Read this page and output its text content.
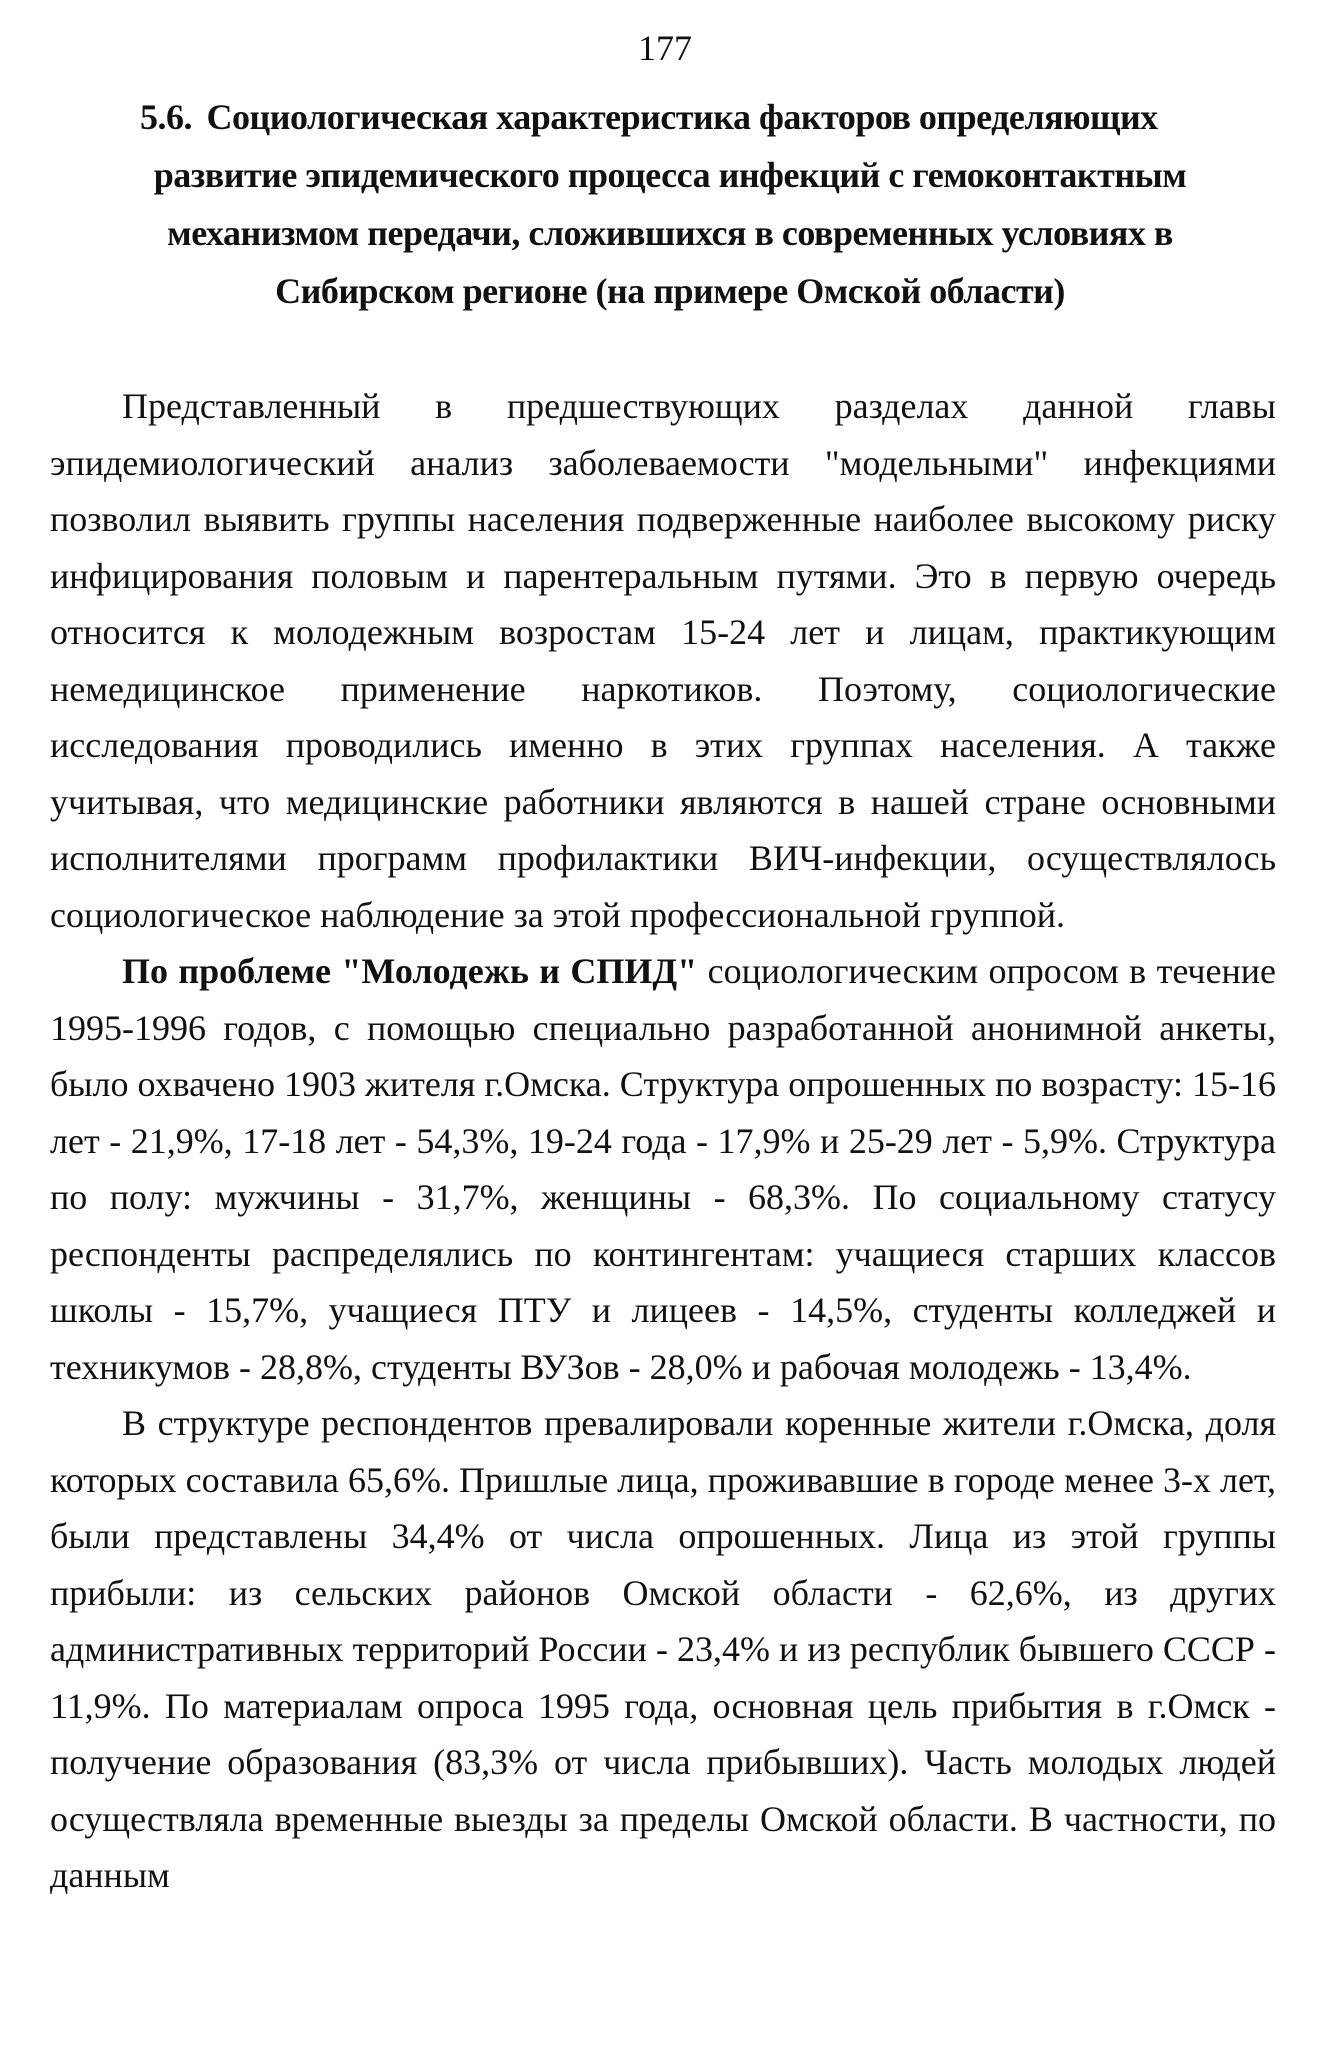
177
5.6. Социологическая характеристика факторов определяющих
развитие эпидемического процесса инфекций с гемоконтактным
механизмом передачи, сложившихся в современных условиях в
Сибирском регионе (на примере Омской области)

Представленный в предшествующих разделах данной главы эпидемиологический анализ заболеваемости "модельными" инфекциями позволил выявить группы населения подверженные наиболее высокому риску инфицирования половым и парентеральным путями. Это в первую очередь относится к молодежным возростам 15-24 лет и лицам, практикующим немедицинское применение наркотиков. Поэтому, социологические исследования проводились именно в этих группах населения. А также учитывая, что медицинские работники являются в нашей стране основными исполнителями программ профилактики ВИЧ-инфекции, осуществлялось социологическое наблюдение за этой профессиональной группой.

По проблеме "Молодежь и СПИД" социологическим опросом в течение 1995-1996 годов, с помощью специально разработанной анонимной анкеты, было охвачено 1903 жителя г.Омска. Структура опрошенных по возрасту: 15-16 лет - 21,9%, 17-18 лет - 54,3%, 19-24 года - 17,9% и 25-29 лет - 5,9%. Структура по полу: мужчины - 31,7%, женщины - 68,3%. По социальному статусу респонденты распределялись по контингентам: учащиеся старших классов школы - 15,7%, учащиеся ПТУ и лицеев - 14,5%, студенты колледжей и техникумов - 28,8%, студенты ВУЗов - 28,0% и рабочая молодежь - 13,4%.

В структуре респондентов превалировали коренные жители г.Омска, доля которых составила 65,6%. Пришлые лица, проживавшие в городе менее 3-х лет, были представлены 34,4% от числа опрошенных. Лица из этой группы прибыли: из сельских районов Омской области - 62,6%, из других административных территорий России - 23,4% и из республик бывшего СССР - 11,9%. По материалам опроса 1995 года, основная цель прибытия в г.Омск - получение образования (83,3% от числа прибывших). Часть молодых людей осуществляла временные выезды за пределы Омской области. В частности, по данным
